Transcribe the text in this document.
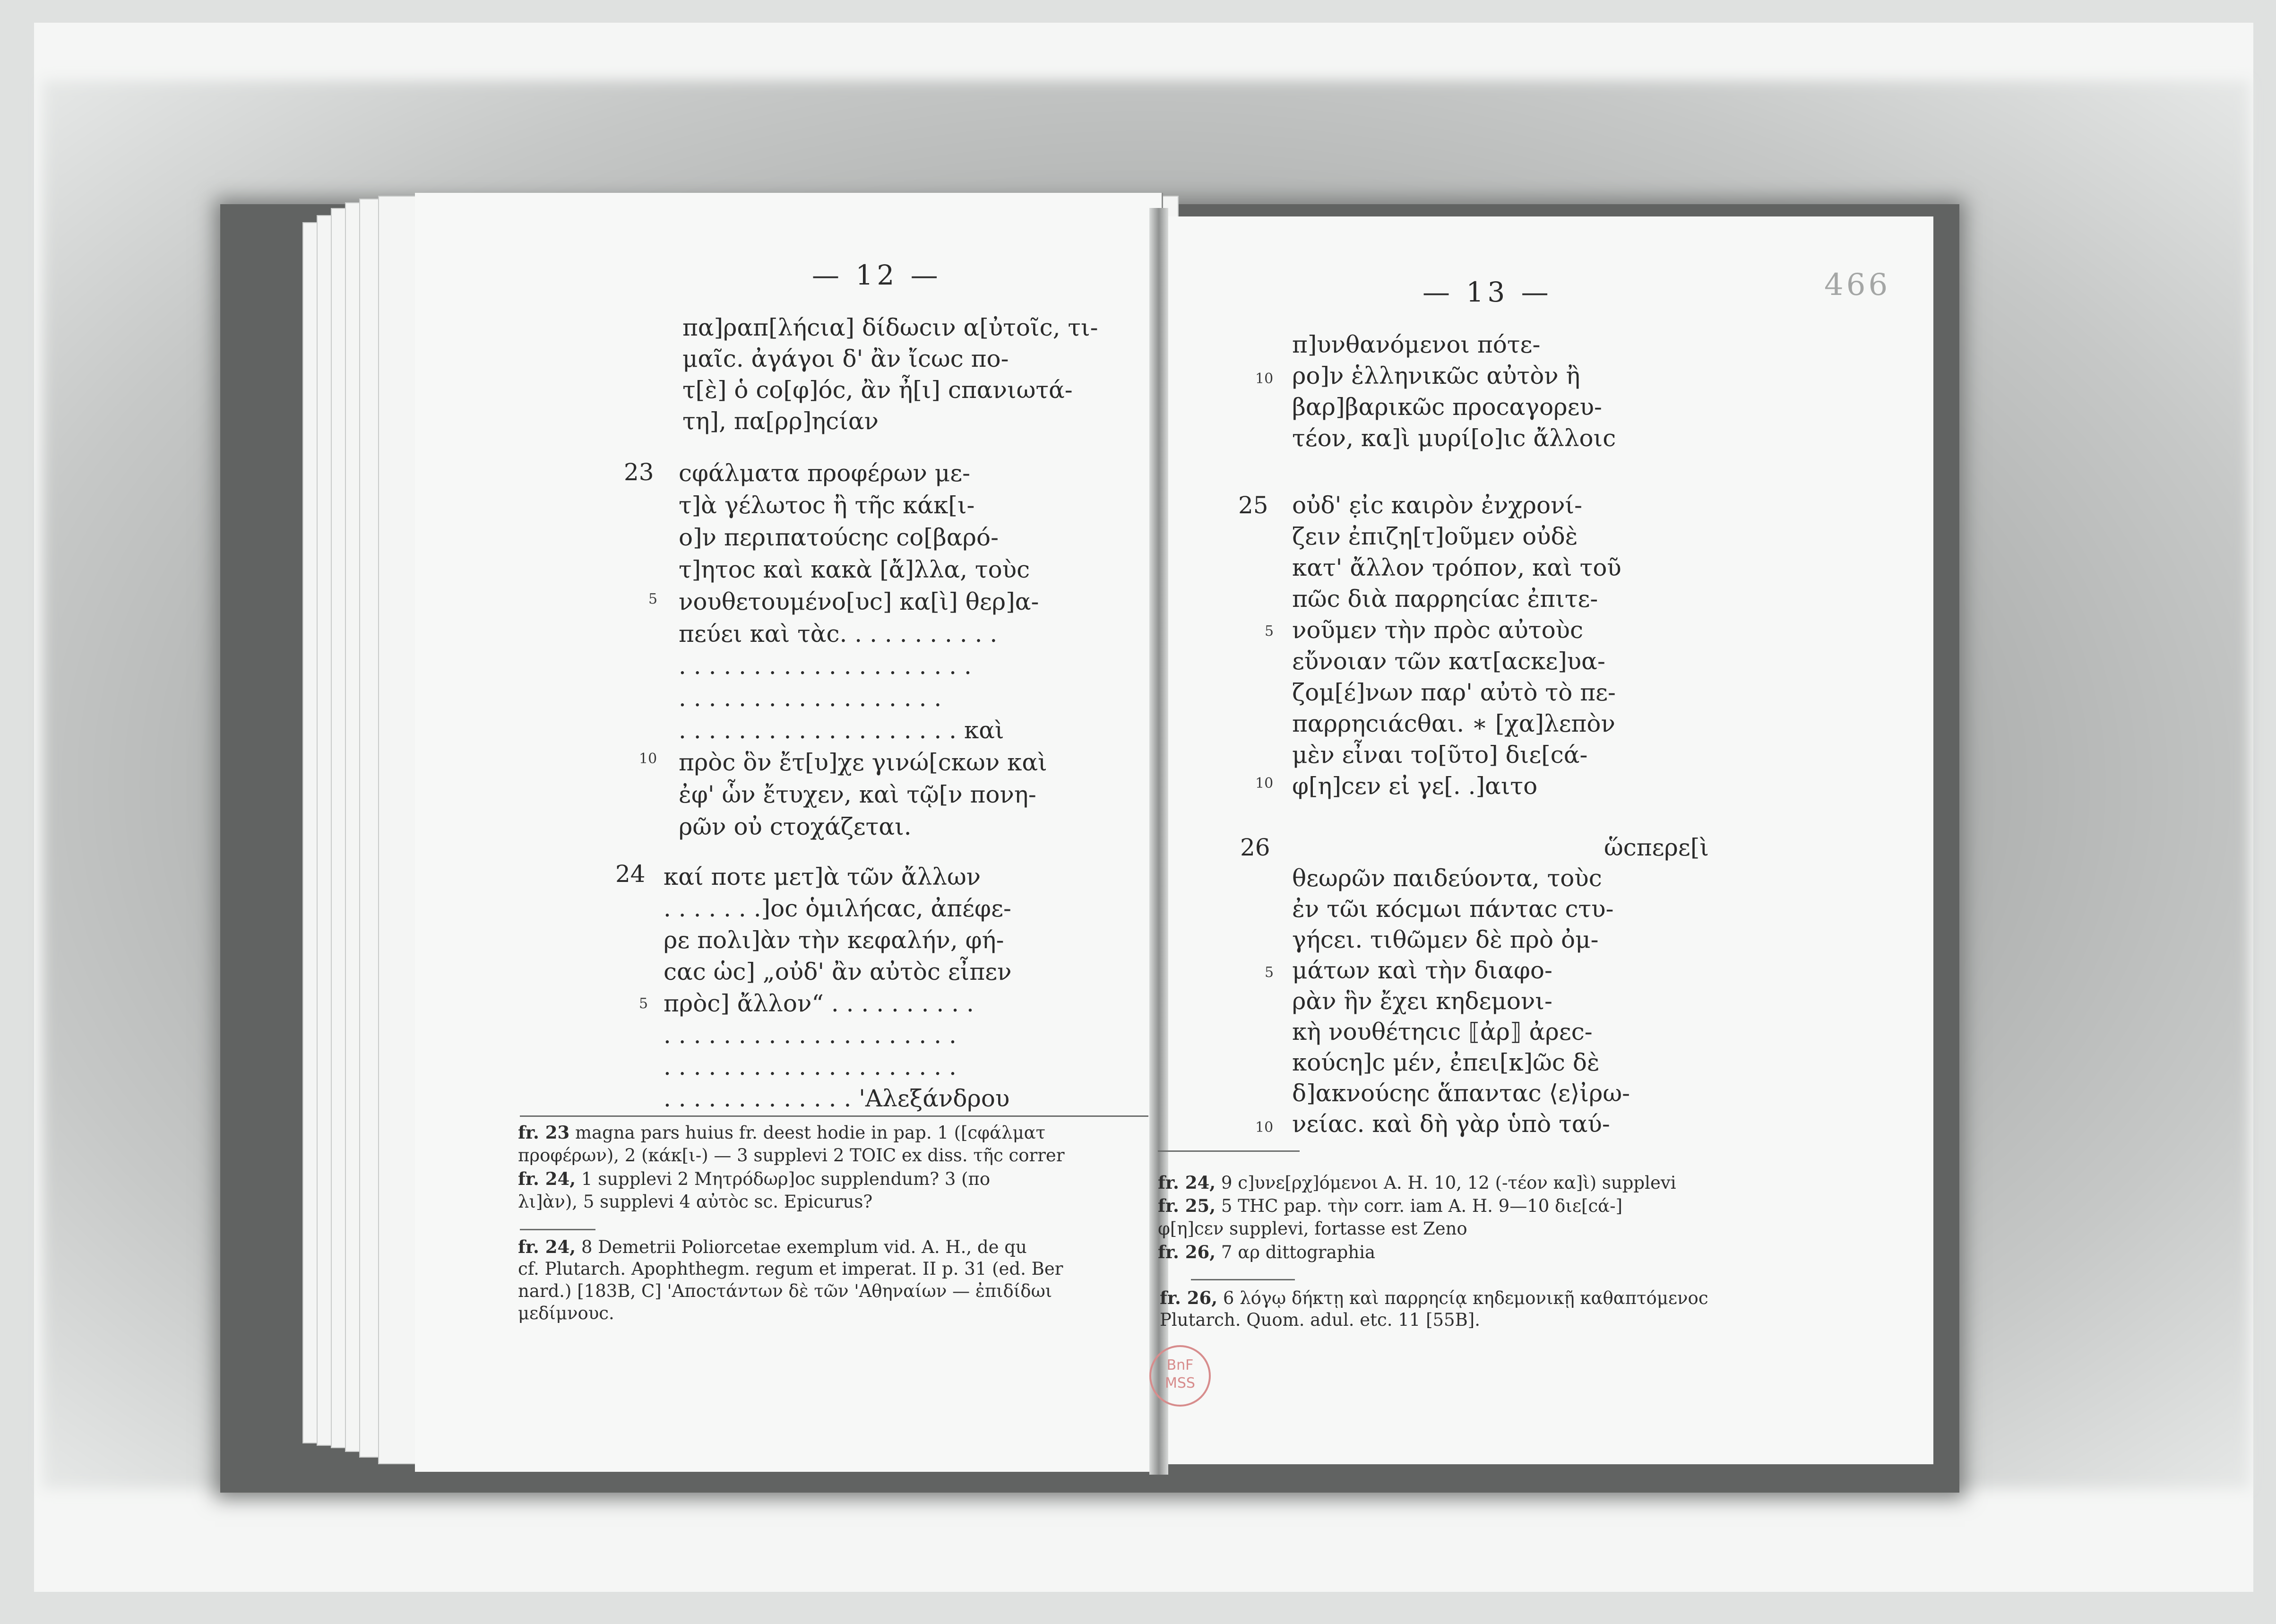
— 12 —
πα]ραπ[λήcια] δίδωcιν α[ὐτοῖc, τι-
μαῖc. ἀγάγοι δ' ἂν ἴcωc πο-
τ[ὲ] ὁ co[φ]όc, ἂν ἦ[ι] cπανιωτά-
τη], πα[ρρ]ηcίαν
cφάλματα προφέρων με-
τ]ὰ γέλωτοc ἢ τῆc κάκ[ι-
ο]ν περιπατούcηc co[βαρό-
τ]ητοc καὶ κακὰ [ἄ]λλα, τοὺc
νουθετουμένο[υc] κα[ὶ] θερ]α-
πεύει καὶ τὰc. . . . . . . . . . .
. . . . . . . . . . . . . . . . . . . .
. . . . . . . . . . . . . . . . . .
. . . . . . . . . . . . . . . . . . . καὶ
πρὸc ὃν ἔτ[υ]χε γινώ[cκων καὶ
ἐφ' ὧν ἔτυχεν, καὶ τῷ[ν πονη-
ρῶν οὐ cτοχάζεται.
καί ποτε μετ]ὰ τῶν ἄλλων
. . . . . . .]οc ὁμιλήcαc, ἀπέφε-
ρε πολι]ὰν τὴν κεφαλήν, φή-
cαc ὡc] „οὐδ' ἂν αὐτὸc εἶπεν
πρὸc] ἄλλον“ . . . . . . . . . .
. . . . . . . . . . . . . . . . . . . .
. . . . . . . . . . . . . . . . . . . .
. . . . . . . . . . . . . 'Αλεξάνδρου
23
5
10
24
5
fr. 23 magna pars huius fr. deest hodie in pap. 1 ([cφάλματ
προφέρων), 2 (κάκ[ι-) — 3 supplevi 2 TOIC ex diss. τῆc correr
fr. 24, 1 supplevi 2 Μητρόδωρ]οc supplendum? 3 (πο
λι]ὰν), 5 supplevi 4 αὐτὸc sc. Epicurus?
fr. 24, 8 Demetrii Poliorcetae exemplum vid. A. H., de qu
cf. Plutarch. Apophthegm. regum et imperat. II p. 31 (ed. Ber
nard.) [183B, C] 'Αποcτάντων δὲ τῶν 'Αθηναίων — ἐπιδίδωι
μεδίμνουc.
— 13 —	466
10
π]υνθανόμενοι πότε-
ρο]ν ἑλληνικῶc αὐτὸν ἢ
βαρ]βαρικῶc προcαγορευ-
τέον, κα]ὶ μυρί[ο]ιc ἄλλοιc
25
5
10
οὐδ' ε̣ἰc καιρὸν ἐνχρονί-
ζειν ἐπιζη[τ]οῦμεν οὐδὲ
κατ' ἄλλον τρόπον, καὶ τοῦ
πῶc διὰ παρρηcίαc ἐπιτε-
νοῦμεν τὴν πρὸc αὐτοὺc
εὔνοιαν τῶν κατ[αcκε]υα-
ζομ[έ]νων παρ' αὐτὸ τὸ πε-
παρρηcιάcθαι. ∗ [χα]λεπὸν
μὲν εἶναι το[ῦτο] διε[cά-
φ[η]cεν εἰ γε[. .]αιτο
26
5
10
ὥcπερε[ὶ
θεωρῶν παιδεύοντα, τοὺc
ἐν τῶι κόcμωι πάνταc cτυ-
γήcει. τιθῶμεν δὲ πρὸ ὀμ-
μάτων καὶ τὴν διαφο-
ρὰν ἣν ἔχει κηδεμονι-
κὴ νουθέτηcιc ⟦ἀρ⟧ ἀρεc-
κούcη]c μέν, ἐπει[κ]ῶc δὲ
δ]ακνούcηc ἅπανταc ⟨ε⟩ἰρω-
νείαc. καὶ δὴ γὰρ ὑπὸ ταύ-
fr. 24, 9 c]υνε[ρχ]όμενοι A. H. 10, 12 (-τέον κα]ὶ) supplevi
fr. 25, 5 THC pap. τὴν corr. iam A. H. 9—10 διε[cά-]
φ[η]cεν supplevi, fortasse est Zeno
fr. 26, 7 αρ dittographia
fr. 26, 6 λόγῳ δήκτῃ καὶ παρρηcίᾳ κηδεμονικῇ καθαπτόμενοc
Plutarch. Quom. adul. etc. 11 [55B].
BnF
MSS
